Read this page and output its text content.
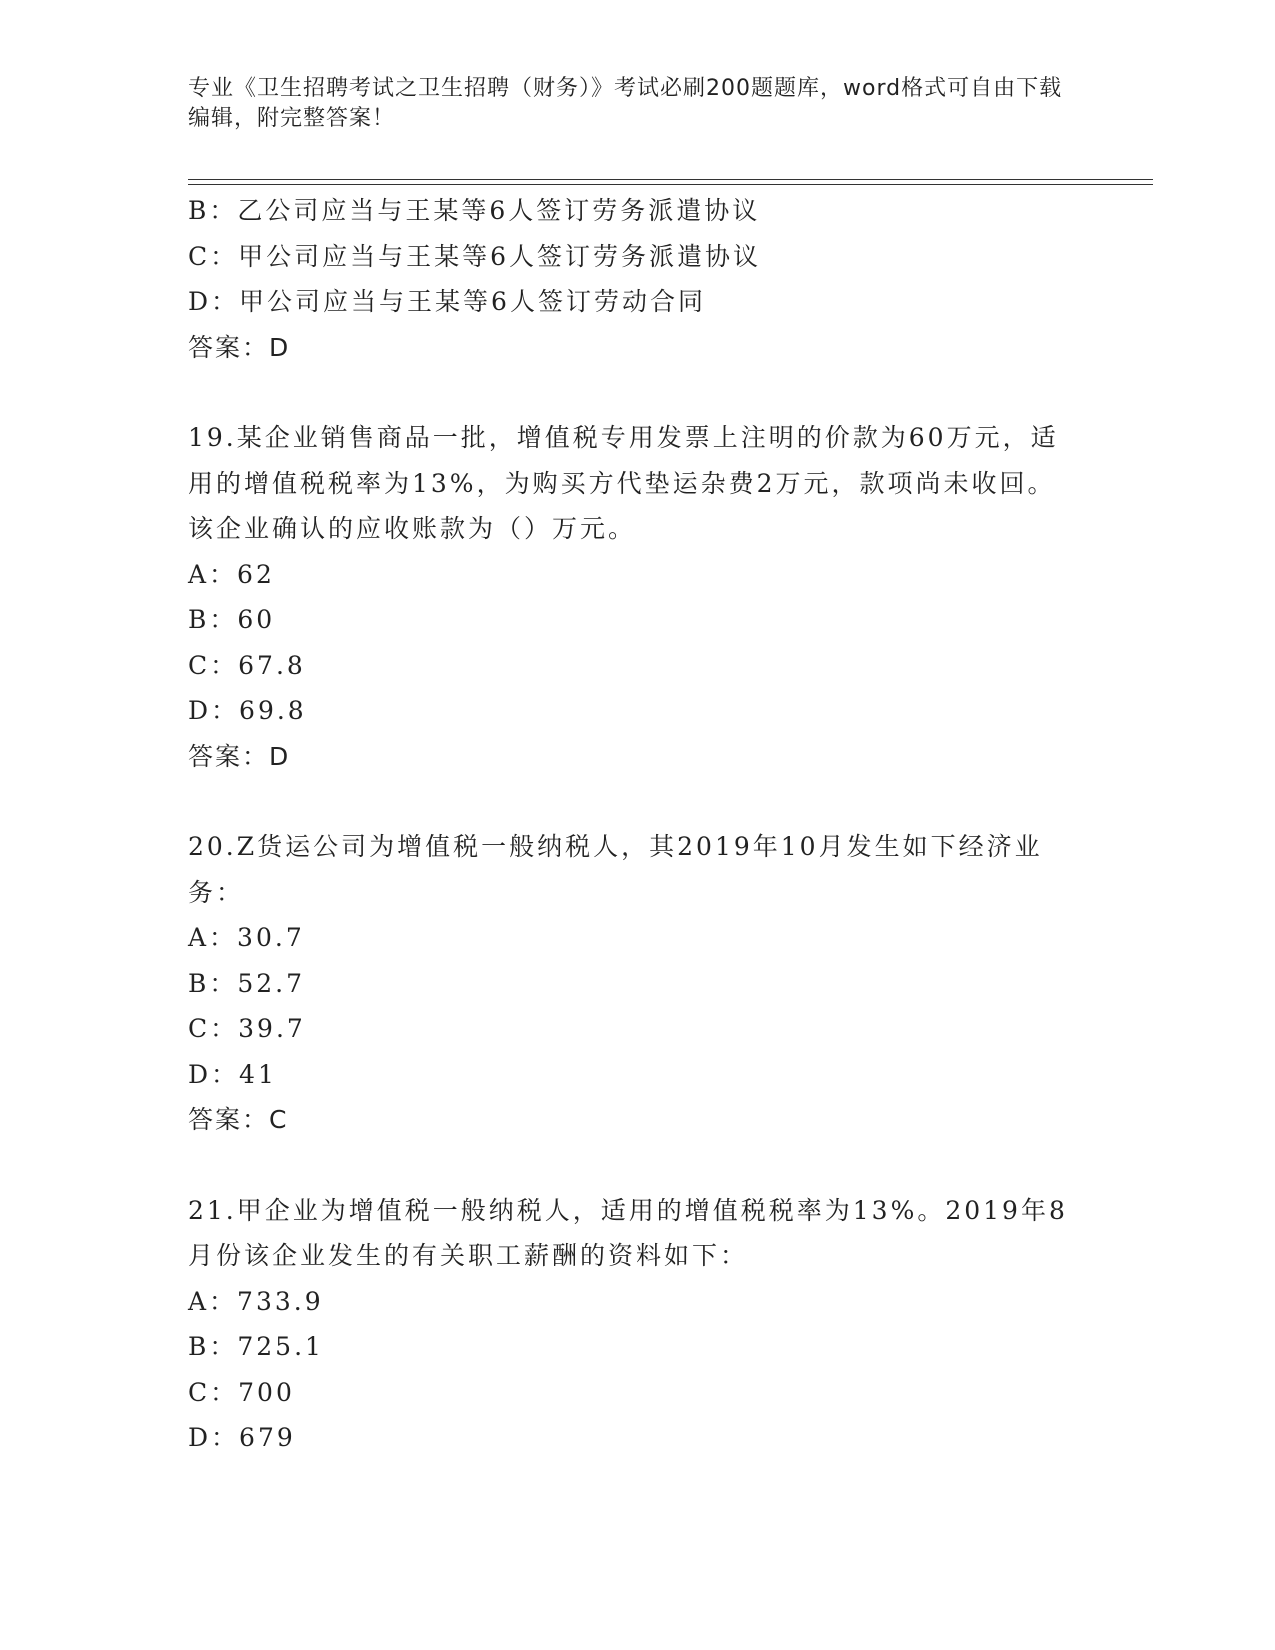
专业《卫生招聘考试之卫生招聘（财务）》考试必刷200题题库，word格式可自由下载编辑，附完整答案！
B：乙公司应当与王某等6人签订劳务派遣协议
C：甲公司应当与王某等6人签订劳务派遣协议
D：甲公司应当与王某等6人签订劳动合同
答案：D
19.某企业销售商品一批，增值税专用发票上注明的价款为60万元，适用的增值税税率为13%，为购买方代垫运杂费2万元，款项尚未收回。该企业确认的应收账款为（）万元。
A：62
B：60
C：67.8
D：69.8
答案：D
20.Z货运公司为增值税一般纳税人，其2019年10月发生如下经济业务：
A：30.7
B：52.7
C：39.7
D：41
答案：C
21.甲企业为增值税一般纳税人，适用的增值税税率为13%。2019年8月份该企业发生的有关职工薪酬的资料如下：
A：733.9
B：725.1
C：700
D：679
